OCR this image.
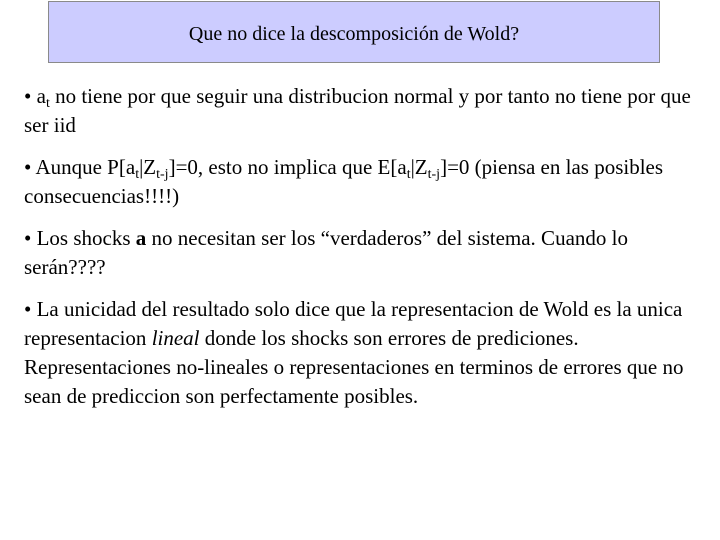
Que no dice la descomposición de Wold?

• $a_t$ no tiene por que seguir una distribucion normal y por tanto no tiene por que ser iid

• Aunque $P[a_t|Z_{t-j}]=0$, esto no implica que $E[a_t|Z_{t-j}]=0$ (piensa en las posibles consecuencias!!!!)

• Los shocks a no necesitan ser los “verdaderos” del sistema. Cuando lo serán????

• La unicidad del resultado solo dice que la representacion de Wold es la unica representacion lineal donde los shocks son errores de prediciones. Representaciones no-lineales o representaciones en terminos de errores que no sean de prediccion son perfectamente posibles.
